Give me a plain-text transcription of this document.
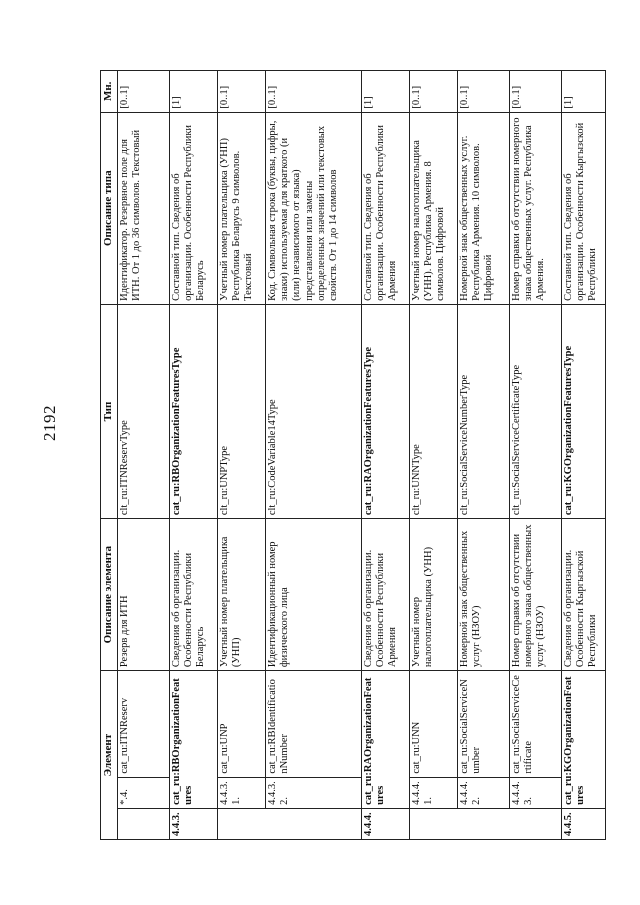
2192
Элемент			Описание элемента	Тип	Описание типа	Мн.
	*.4.	cat_ru:ITNReserv	Резерв для ИТН	clt_ru:ITNReservType	Идентификатор. Резервное поле для ИТН. От 1 до 36 символов. Текстовый	[0..1]
4.4.3.	cat_ru:RBOrganizationFeatures		Сведения об организации. Особенности Республики Беларусь	cat_ru:RBOrganizationFeaturesType	Составной тип. Сведения об организации. Особенности Республики Беларусь	[1]
	4.4.3.1.	cat_ru:UNP	Учетный номер плательщика (УНП)	clt_ru:UNPType	Учетный номер плательщика (УНП) Республика Беларусь 9 символов. Текстовый	[0..1]
	4.4.3.2.	cat_ru:RBIdentificationNumber	Идентификационный номер физического лица	clt_ru:CodeVariable14Type	Код. Символьная строка (буквы, цифры, знаки) используемая для краткого (и (или) независимого от языка) представления или замены определенных значений или текстовых свойств. От 1 до 14 символов	[0..1]
4.4.4.	cat_ru:RAOrganizationFeatures		Сведения об организации. Особенности Республики Армения	cat_ru:RAOrganizationFeaturesType	Составной тип. Сведения об организации. Особенности Республики Армения	[1]
	4.4.4.1.	cat_ru:UNN	Учетный номер налогоплательщика (УНН)	clt_ru:UNNType	Учетный номер налогоплательщика (УНН). Республика Армения. 8 символов. Цифровой	[0..1]
	4.4.4.2.	cat_ru:SocialServiceNumber	Номерной знак общественных услуг (НЗОУ)	clt_ru:SocialServiceNumberType	Номерной знак общественных услуг. Республика Армения. 10 символов. Цифровой	[0..1]
	4.4.4.3.	cat_ru:SocialServiceCertificate	Номер справки об отсутствии номерного знака общественных услуг (НЗОУ)	clt_ru:SocialServiceCertificateType	Номер справки об отсутствии номерного знака общественных услуг. Республика Армения.	[0..1]
4.4.5.	cat_ru:KGOrganizationFeatures		Сведения об организации. Особенности Кыргызской Республики	cat_ru:KGOrganizationFeaturesType	Составной тип. Сведения об организации. Особенности Кыргызской Республики	[1]
